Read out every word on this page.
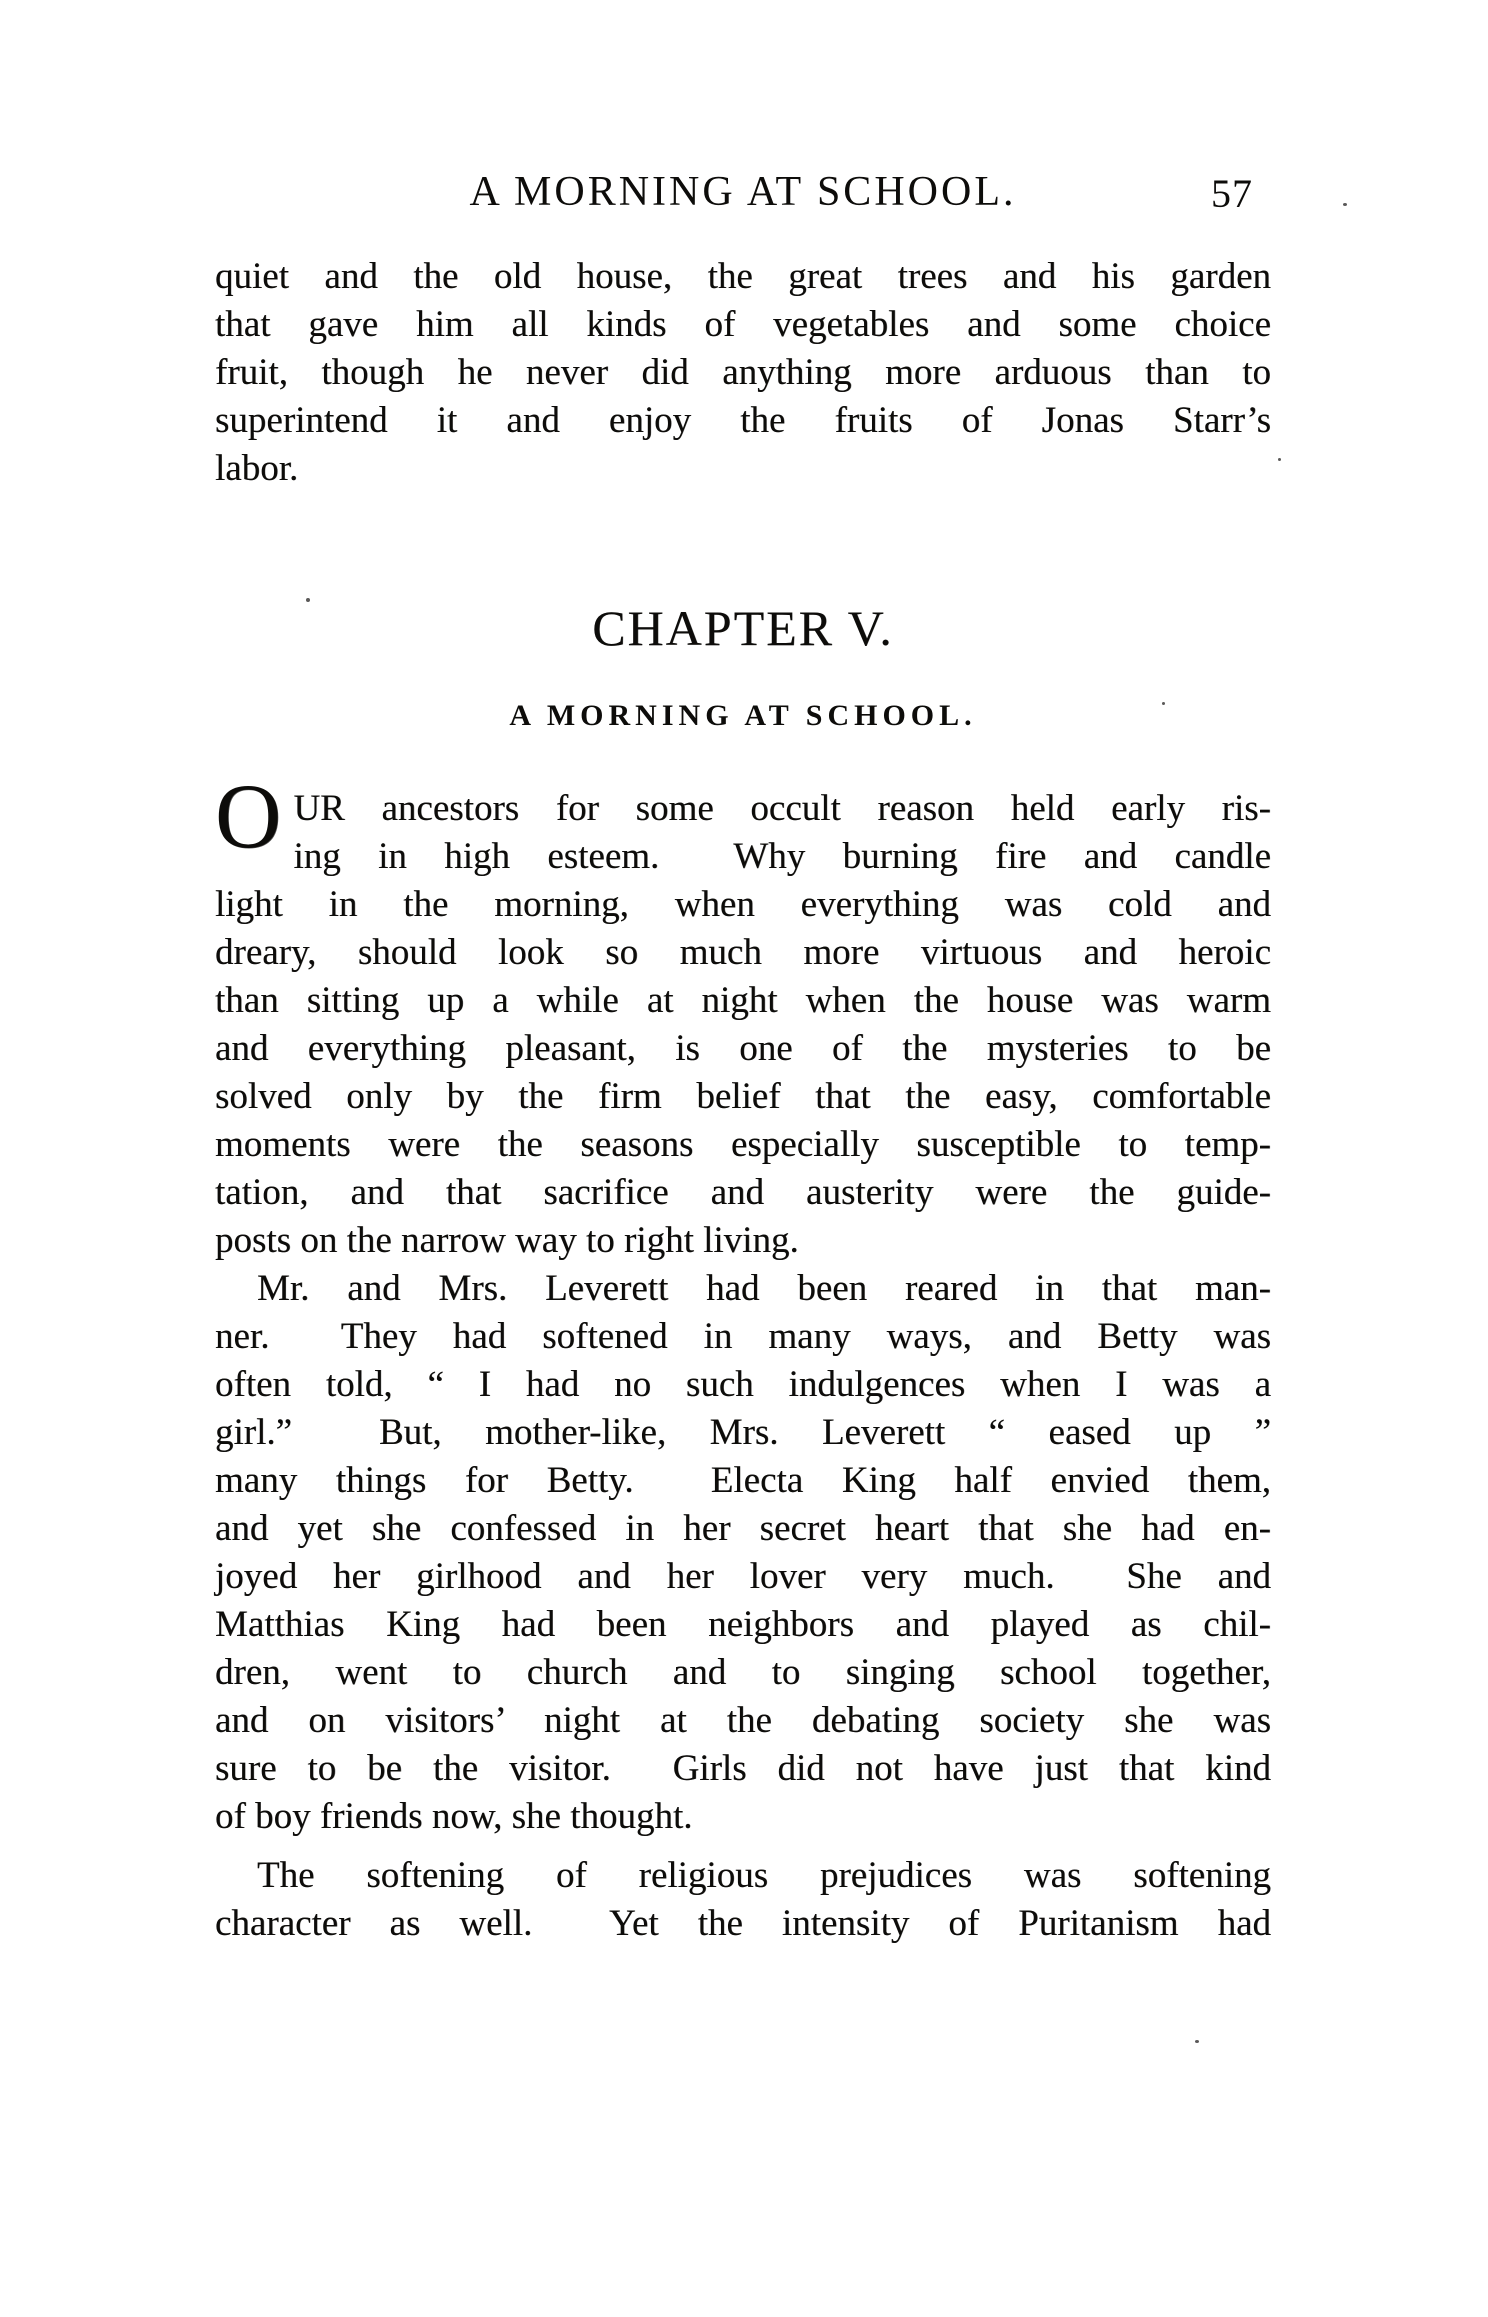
A MORNING AT SCHOOL.	57
quiet and the old house, the great trees and his garden
that gave him all kinds of vegetables and some choice
fruit, though he never did anything more arduous than to
superintend it and enjoy the fruits of Jonas Starr’s
labor.
CHAPTER V.
A MORNING AT SCHOOL.
O UR ancestors for some occult reason held early ris-
ing in high esteem.  Why burning fire and candle
light in the morning, when everything was cold and
dreary, should look so much more virtuous and heroic
than sitting up a while at night when the house was warm
and everything pleasant, is one of the mysteries to be
solved only by the firm belief that the easy, comfortable
moments were the seasons especially susceptible to temp-
tation, and that sacrifice and austerity were the guide-
posts on the narrow way to right living.
Mr. and Mrs. Leverett had been reared in that man-
ner.  They had softened in many ways, and Betty was
often told, “ I had no such indulgences when I was a
girl.”  But, mother-like, Mrs. Leverett “ eased up ”
many things for Betty.  Electa King half envied them,
and yet she confessed in her secret heart that she had en-
joyed her girlhood and her lover very much.  She and
Matthias King had been neighbors and played as chil-
dren, went to church and to singing school together,
and on visitors’ night at the debating society she was
sure to be the visitor.  Girls did not have just that kind
of boy friends now, she thought.
The softening of religious prejudices was softening
character as well.  Yet the intensity of Puritanism had
